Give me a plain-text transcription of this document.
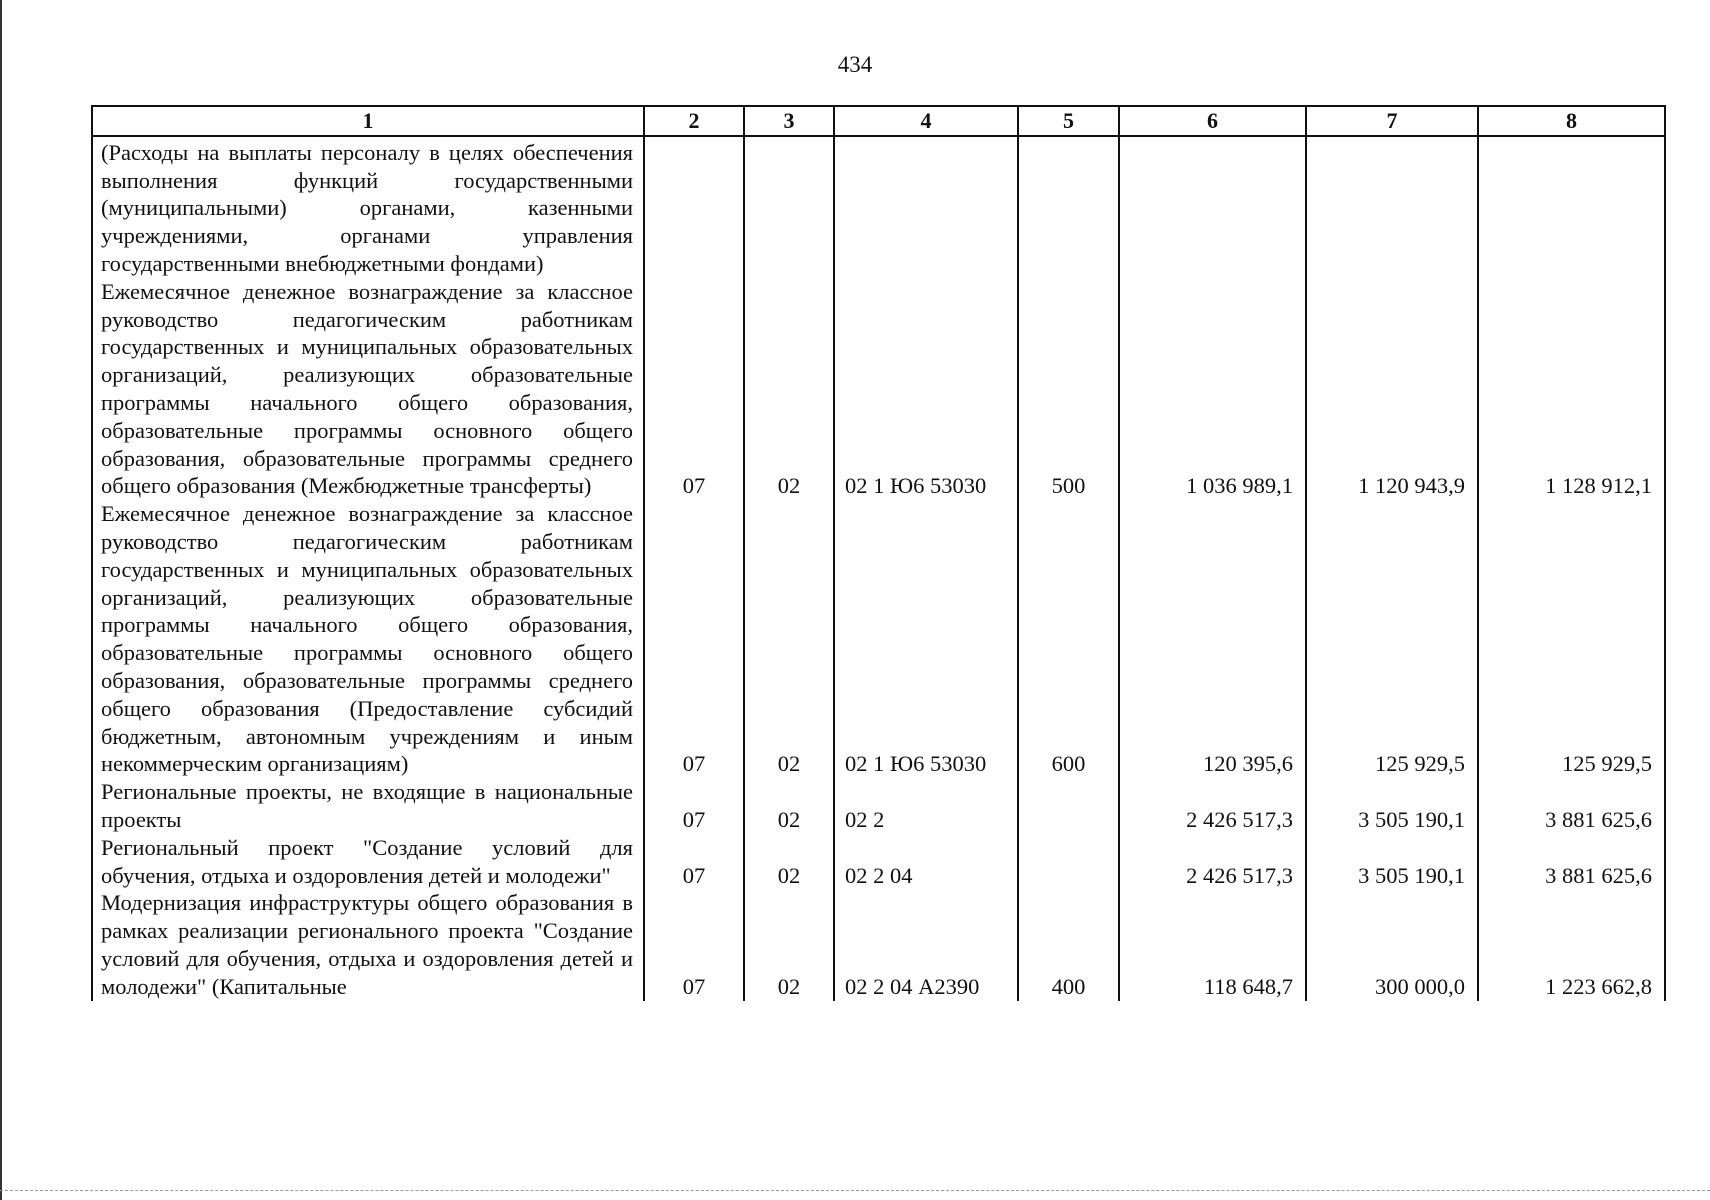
434
1	2	3	4	5	6	7	8
(Расходы на выплаты персоналу в целях обеспечения выполнения функций государственными (муниципальными) органами, казенными учреждениями, органами управления государственными внебюджетными фондами)							
Ежемесячное денежное вознаграждение за классное руководство педагогическим работникам государственных и муниципальных образовательных организаций, реализующих образовательные программы начального общего образования, образовательные программы основного общего образования, образовательные программы среднего общего образования (Межбюджетные трансферты)	07	02	02 1 Ю6 53030	500	1 036 989,1	1 120 943,9	1 128 912,1
Ежемесячное денежное вознаграждение за классное руководство педагогическим работникам государственных и муниципальных образовательных организаций, реализующих образовательные программы начального общего образования, образовательные программы основного общего образования, образовательные программы среднего общего образования (Предоставление субсидий бюджетным, автономным учреждениям и иным некоммерческим организациям)	07	02	02 1 Ю6 53030	600	120 395,6	125 929,5	125 929,5
Региональные проекты, не входящие в национальные проекты	07	02	02 2		2 426 517,3	3 505 190,1	3 881 625,6
Региональный проект "Создание условий для обучения, отдыха и оздоровления детей и молодежи"	07	02	02 2 04		2 426 517,3	3 505 190,1	3 881 625,6
Модернизация инфраструктуры общего образования в рамках реализации регионального проекта "Создание условий для обучения, отдыха и оздоровления детей и молодежи" (Капитальные	07	02	02 2 04 А2390	400	118 648,7	300 000,0	1 223 662,8
